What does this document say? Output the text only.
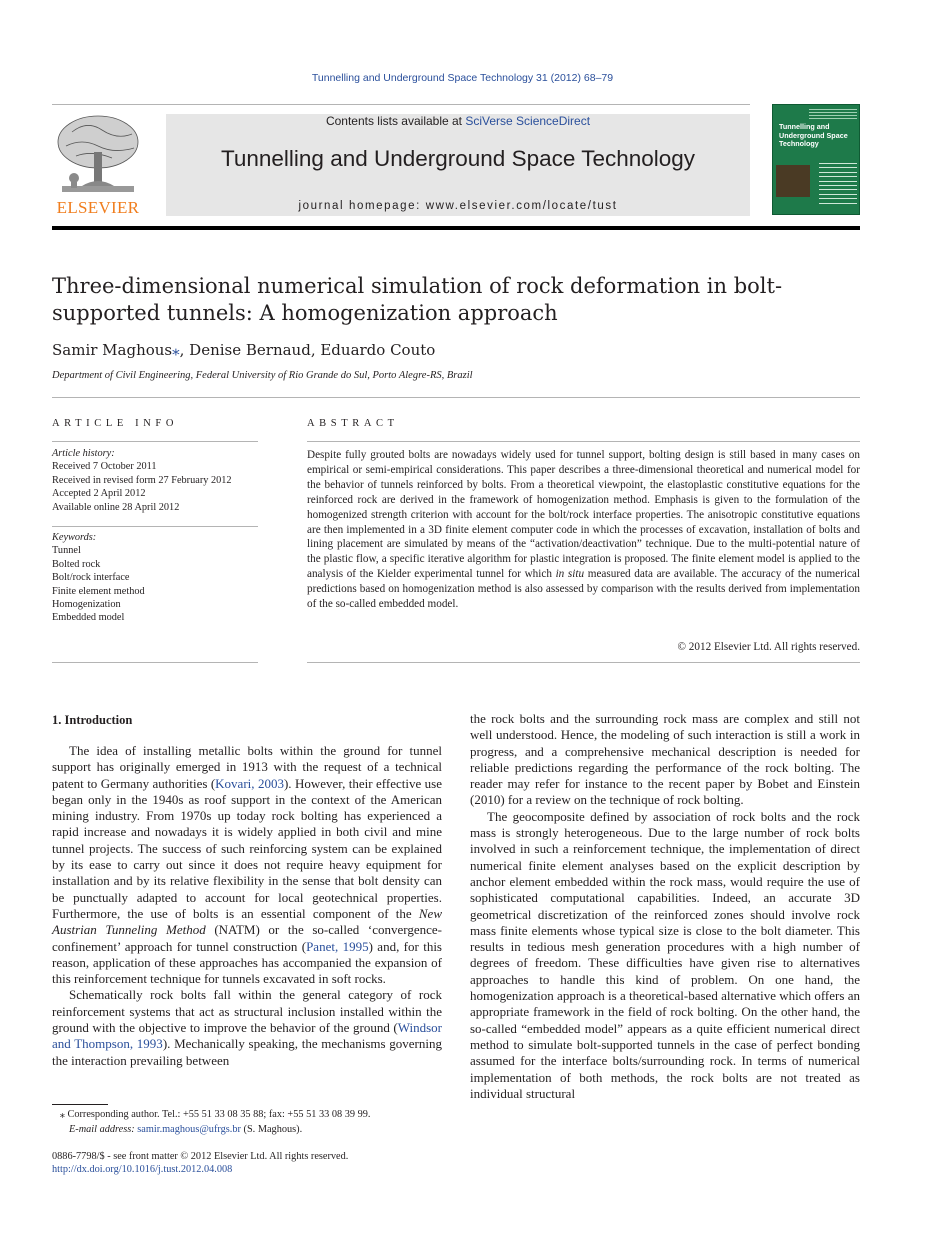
Tunnelling and Underground Space Technology 31 (2012) 68–79
ELSEVIER
Contents lists available at SciVerse ScienceDirect
Tunnelling and Underground Space Technology
journal homepage: www.elsevier.com/locate/tust
Tunnelling and Underground Space Technology
Three-dimensional numerical simulation of rock deformation in bolt-supported tunnels: A homogenization approach
Samir Maghous⁎, Denise Bernaud, Eduardo Couto
Department of Civil Engineering, Federal University of Rio Grande do Sul, Porto Alegre-RS, Brazil
ARTICLE INFO
Article history:
Received 7 October 2011
Received in revised form 27 February 2012
Accepted 2 April 2012
Available online 28 April 2012
Keywords:
Tunnel
Bolted rock
Bolt/rock interface
Finite element method
Homogenization
Embedded model
ABSTRACT
Despite fully grouted bolts are nowadays widely used for tunnel support, bolting design is still based in many cases on empirical or semi-empirical considerations. This paper describes a three-dimensional theoretical and numerical model for the behavior of tunnels reinforced by bolts. From a theoretical viewpoint, the elastoplastic constitutive equations for the reinforced rock are derived in the framework of homogenization method. Emphasis is given to the formulation of the homogenized strength criterion with account for the bolt/rock interface properties. The anisotropic constitutive equations are then implemented in a 3D finite element computer code in which the processes of excavation, installation of bolts and lining placement are simulated by means of the “activation/deactivation” technique. Due to the multi-potential nature of the plastic flow, a specific iterative algorithm for plastic integration is proposed. The finite element model is applied to the analysis of the Kielder experimental tunnel for which in situ measured data are available. The accuracy of the numerical predictions based on homogenization method is also assessed by comparison with the results derived from implementation of the so-called embedded model.
© 2012 Elsevier Ltd. All rights reserved.
1. Introduction

The idea of installing metallic bolts within the ground for tunnel support has originally emerged in 1913 with the request of a technical patent to Germany authorities (Kovari, 2003). However, their effective use began only in the 1940s as roof support in the context of the American mining industry. From 1970s up today rock bolting has experienced a rapid increase and nowadays it is widely applied in both civil and mine tunnel projects. The success of such reinforcing system can be explained by its ease to carry out since it does not require heavy equipment for installation and by its relative flexibility in the sense that bolt density can be punctually adapted to account for local geotechnical properties. Furthermore, the use of bolts is an essential component of the New Austrian Tunneling Method (NATM) or the so-called ‘convergence-confinement’ approach for tunnel construction (Panet, 1995) and, for this reason, application of these approaches has accompanied the expansion of this reinforcement technique for tunnels excavated in soft rocks.

Schematically rock bolts fall within the general category of rock reinforcement systems that act as structural inclusion installed within the ground with the objective to improve the behavior of the ground (Windsor and Thompson, 1993). Mechanically speaking, the mechanisms governing the interaction prevailing between

the rock bolts and the surrounding rock mass are complex and still not well understood. Hence, the modeling of such interaction is still a work in progress, and a comprehensive mechanical description is needed for reliable predictions regarding the performance of the rock bolting. The reader may refer for instance to the recent paper by Bobet and Einstein (2010) for a review on the technique of rock bolting.

The geocomposite defined by association of rock bolts and the rock mass is strongly heterogeneous. Due to the large number of rock bolts involved in such a reinforcement technique, the implementation of direct numerical finite element analyses based on the explicit description by anchor element embedded within the rock mass, would require the use of sophisticated computational capabilities. Indeed, an accurate 3D geometrical discretization of the reinforced zones should involve rock mass finite elements whose typical size is close to the bolt diameter. This results in tedious mesh generation procedures with a high number of degrees of freedom. These difficulties have given rise to alternatives approaches to handle this kind of problem. On one hand, the homogenization approach is a theoretical-based alternative which offers an appropriate framework in the field of rock bolting. On the other hand, the so-called “embedded model” appears as a quite efficient numerical direct method to simulate bolt-supported tunnels in the case of perfect bonding assumed for the interface bolts/surrounding rock. In terms of numerical implementation of both methods, the rock bolts are not treated as individual structural

⁎ Corresponding author. Tel.: +55 51 33 08 35 88; fax: +55 51 33 08 39 99.
E-mail address: samir.maghous@ufrgs.br (S. Maghous).
0886-7798/$ - see front matter © 2012 Elsevier Ltd. All rights reserved.
http://dx.doi.org/10.1016/j.tust.2012.04.008
